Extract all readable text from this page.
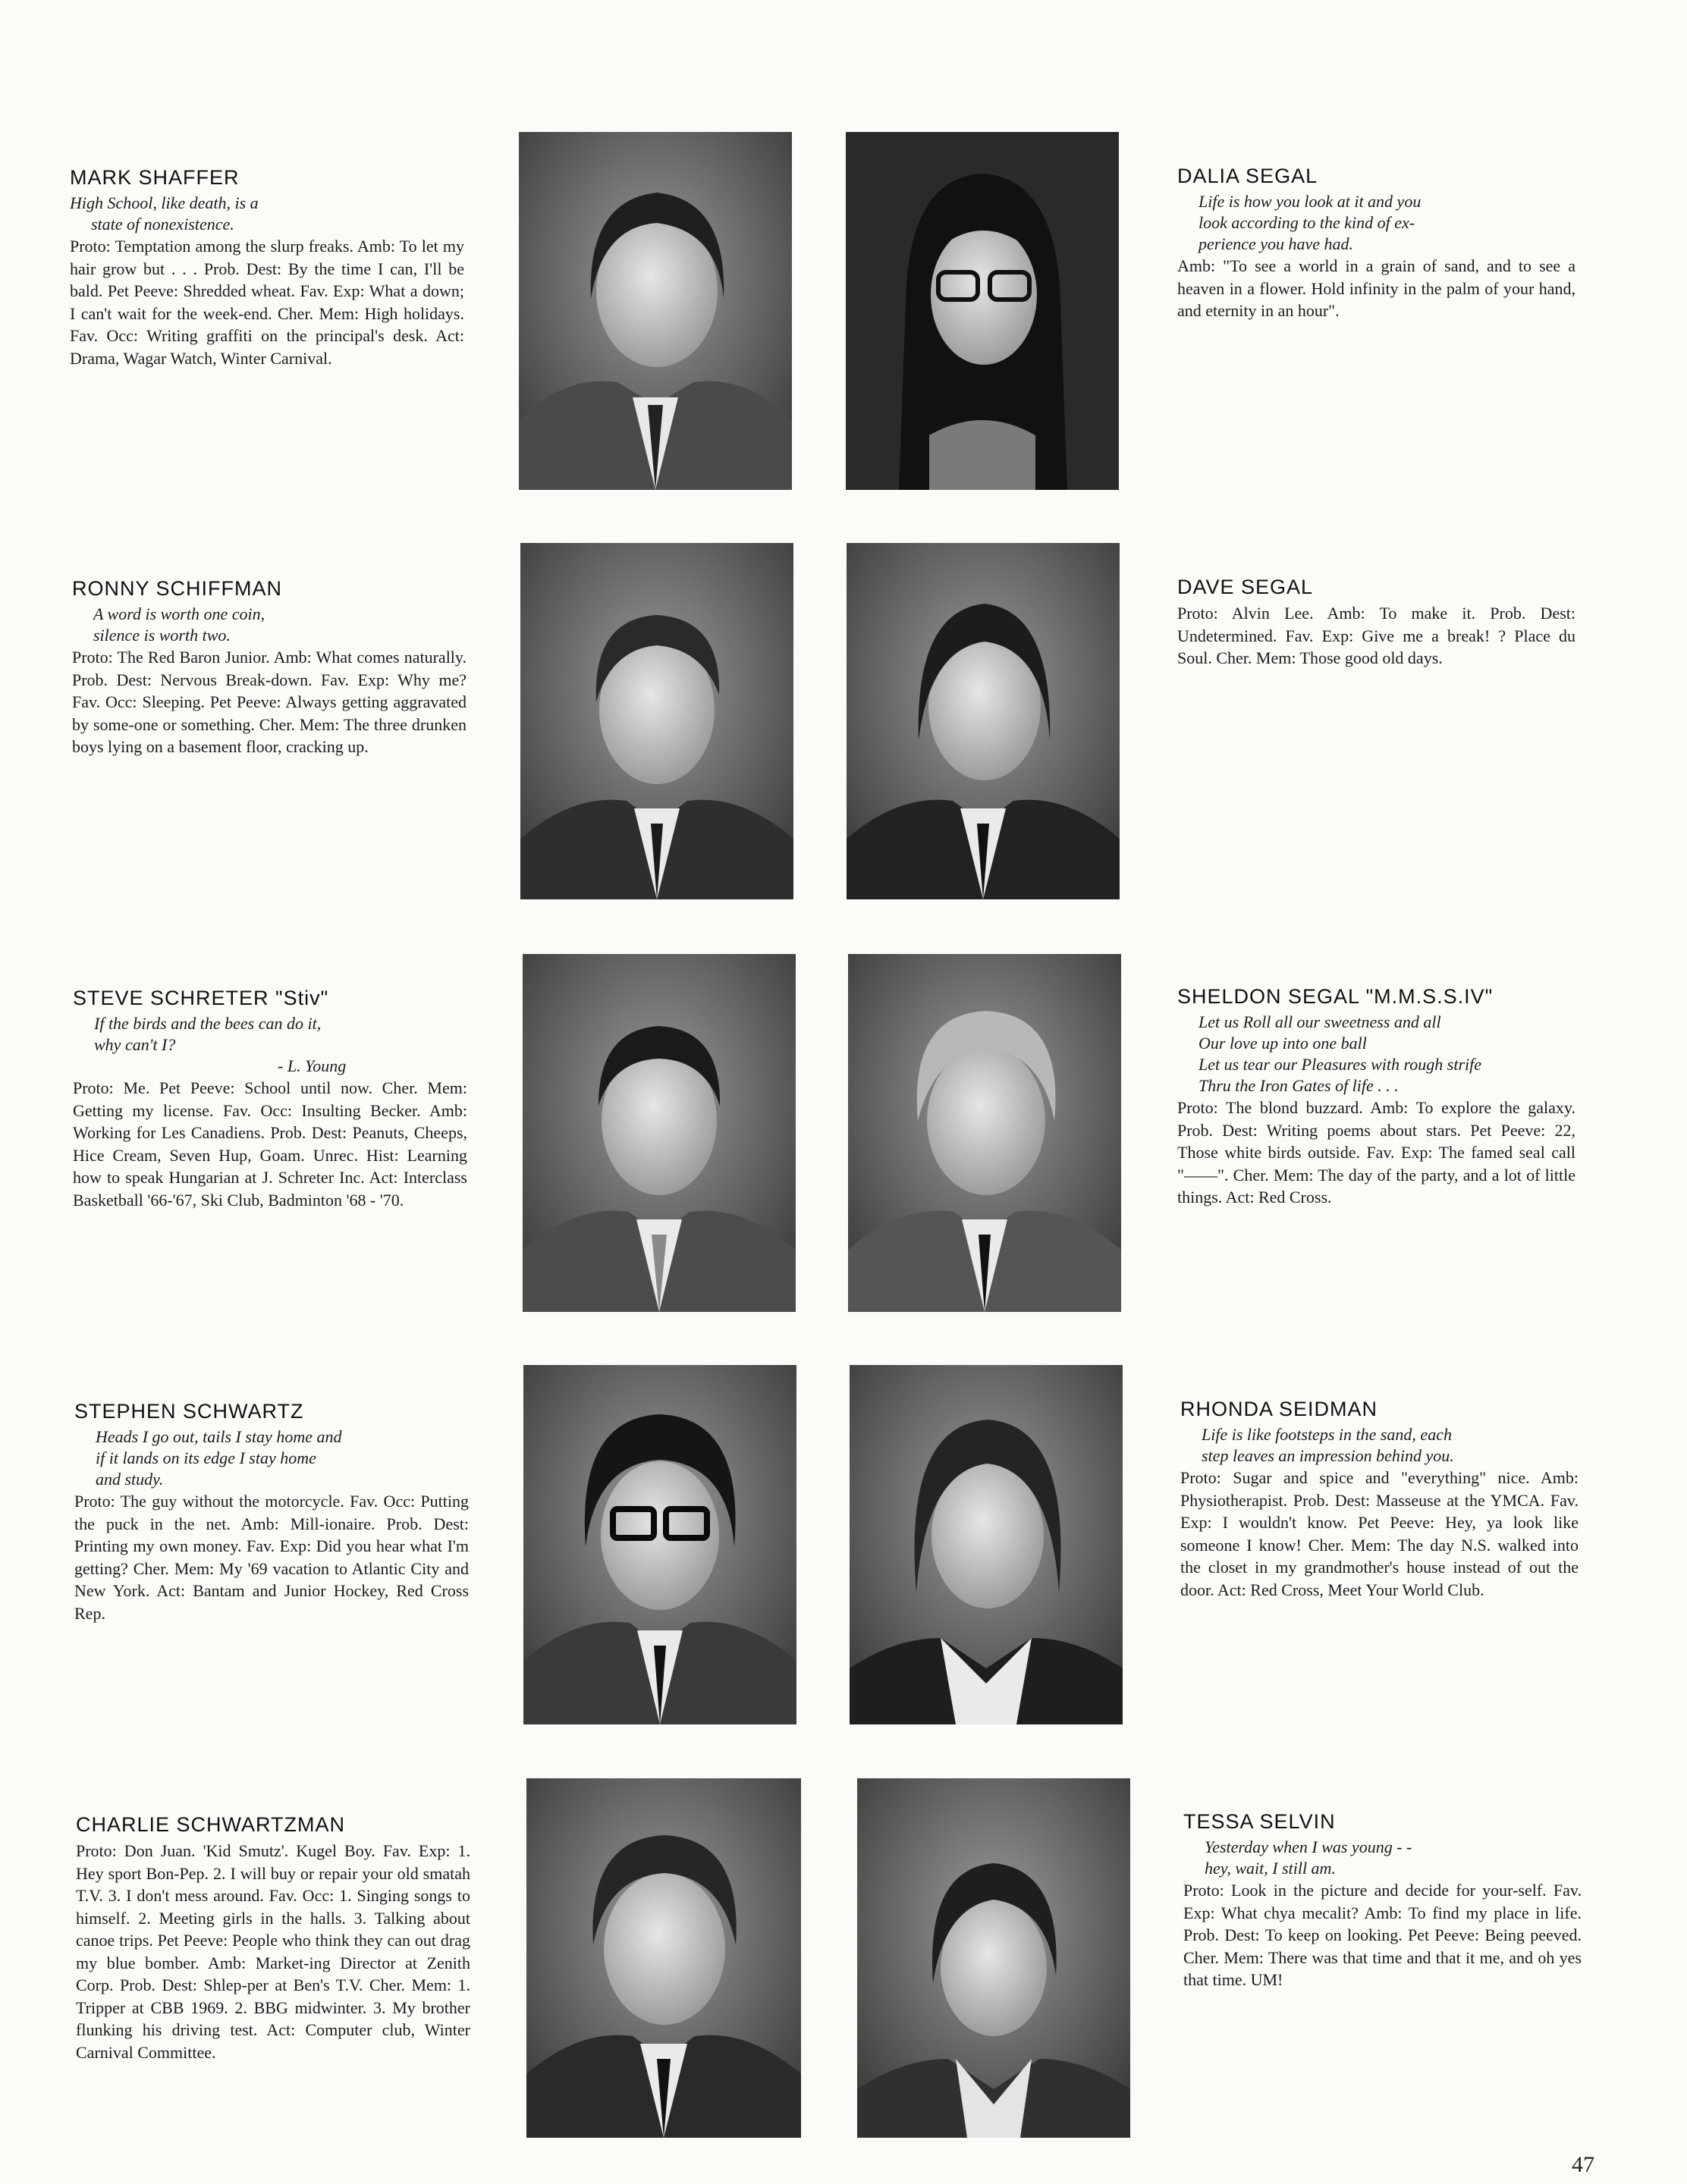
MARK SHAFFER
High School, like death, is a
state of nonexistence.

Proto: Temptation among the slurp freaks. Amb: To let my hair grow but . . . Prob. Dest: By the time I can, I'll be bald. Pet Peeve: Shredded wheat. Fav. Exp: What a down; I can't wait for the week-end. Cher. Mem: High holidays. Fav. Occ: Writing graffiti on the principal's desk. Act: Drama, Wagar Watch, Winter Carnival.

DALIA SEGAL
Life is how you look at it and you
look according to the kind of ex-
perience you have had.

Amb: "To see a world in a grain of sand, and to see a heaven in a flower. Hold infinity in the palm of your hand, and eternity in an hour".

RONNY SCHIFFMAN
A word is worth one coin,
silence is worth two.

Proto: The Red Baron Junior. Amb: What comes naturally. Prob. Dest: Nervous Break-down. Fav. Exp: Why me? Fav. Occ: Sleeping. Pet Peeve: Always getting aggravated by some-one or something. Cher. Mem: The three drunken boys lying on a basement floor, cracking up.

DAVE SEGAL

Proto: Alvin Lee. Amb: To make it. Prob. Dest: Undetermined. Fav. Exp: Give me a break! ? Place du Soul. Cher. Mem: Those good old days.

STEVE SCHRETER "Stiv"
If the birds and the bees can do it,
why can't I?
- L. Young

Proto: Me. Pet Peeve: School until now. Cher. Mem: Getting my license. Fav. Occ: Insulting Becker. Amb: Working for Les Canadiens. Prob. Dest: Peanuts, Cheeps, Hice Cream, Seven Hup, Goam. Unrec. Hist: Learning how to speak Hungarian at J. Schreter Inc. Act: Interclass Basketball '66-'67, Ski Club, Badminton '68 - '70.

SHELDON SEGAL "M.M.S.S.IV"
Let us Roll all our sweetness and all
Our love up into one ball
Let us tear our Pleasures with rough strife
Thru the Iron Gates of life . . .

Proto: The blond buzzard. Amb: To explore the galaxy. Prob. Dest: Writing poems about stars. Pet Peeve: 22, Those white birds outside. Fav. Exp: The famed seal call "——". Cher. Mem: The day of the party, and a lot of little things. Act: Red Cross.

STEPHEN SCHWARTZ
Heads I go out, tails I stay home and
if it lands on its edge I stay home
and study.

Proto: The guy without the motorcycle. Fav. Occ: Putting the puck in the net. Amb: Mill-ionaire. Prob. Dest: Printing my own money. Fav. Exp: Did you hear what I'm getting? Cher. Mem: My '69 vacation to Atlantic City and New York. Act: Bantam and Junior Hockey, Red Cross Rep.

RHONDA SEIDMAN
Life is like footsteps in the sand, each
step leaves an impression behind you.

Proto: Sugar and spice and "everything" nice. Amb: Physiotherapist. Prob. Dest: Masseuse at the YMCA. Fav. Exp: I wouldn't know. Pet Peeve: Hey, ya look like someone I know! Cher. Mem: The day N.S. walked into the closet in my grandmother's house instead of out the door. Act: Red Cross, Meet Your World Club.

CHARLIE SCHWARTZMAN

Proto: Don Juan. 'Kid Smutz'. Kugel Boy. Fav. Exp: 1. Hey sport Bon-Pep. 2. I will buy or repair your old smatah T.V. 3. I don't mess around. Fav. Occ: 1. Singing songs to himself. 2. Meeting girls in the halls. 3. Talking about canoe trips. Pet Peeve: People who think they can out drag my blue bomber. Amb: Market-ing Director at Zenith Corp. Prob. Dest: Shlep-per at Ben's T.V. Cher. Mem: 1. Tripper at CBB 1969. 2. BBG midwinter. 3. My brother flunking his driving test. Act: Computer club, Winter Carnival Committee.

TESSA SELVIN
Yesterday when I was young - -
hey, wait, I still am.

Proto: Look in the picture and decide for your-self. Fav. Exp: What chya mecalit? Amb: To find my place in life. Prob. Dest: To keep on looking. Pet Peeve: Being peeved. Cher. Mem: There was that time and that it me, and oh yes that time. UM!

47
